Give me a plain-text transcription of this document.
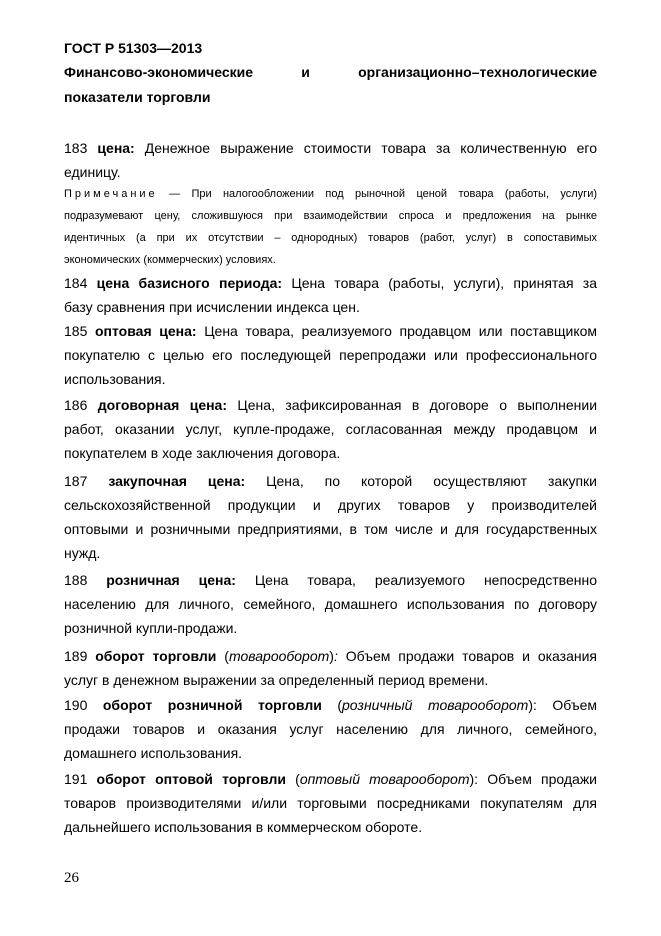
ГОСТ Р 51303—2013
Финансово-экономические	и	организационно–технологические
показатели торговли
183 цена: Денежное выражение стоимости товара за количественную его
единицу.
Примечание — При налогообложении под рыночной ценой товара (работы, услуги)
подразумевают цену, сложившуюся при взаимодействии спроса и предложения на рынке
идентичных (а при их отсутствии – однородных) товаров (работ, услуг) в сопоставимых
экономических (коммерческих) условиях.
184 цена базисного периода: Цена товара (работы, услуги), принятая за
базу сравнения при исчислении индекса цен.
185 оптовая цена: Цена товара, реализуемого продавцом или поставщиком
покупателю с целью его последующей перепродажи или профессионального
использования.
186 договорная цена: Цена, зафиксированная в договоре о выполнении
работ, оказании услуг, купле-продаже, согласованная между продавцом и
покупателем в ходе заключения договора.
187 закупочная цена: Цена, по которой осуществляют закупки
сельскохозяйственной продукции и других товаров у производителей
оптовыми и розничными предприятиями, в том числе и для государственных
нужд.
188 розничная цена: Цена товара, реализуемого непосредственно
населению для личного, семейного, домашнего использования по договору
розничной купли-продажи.
189 оборот торговли (товарооборот): Объем продажи товаров и оказания
услуг в денежном выражении за определенный период времени.
190 оборот розничной торговли (розничный товарооборот): Объем
продажи товаров и оказания услуг населению для личного, семейного,
домашнего использования.
191 оборот оптовой торговли (оптовый товарооборот): Объем продажи
товаров производителями и/или торговыми посредниками покупателям для
дальнейшего использования в коммерческом обороте.
26
